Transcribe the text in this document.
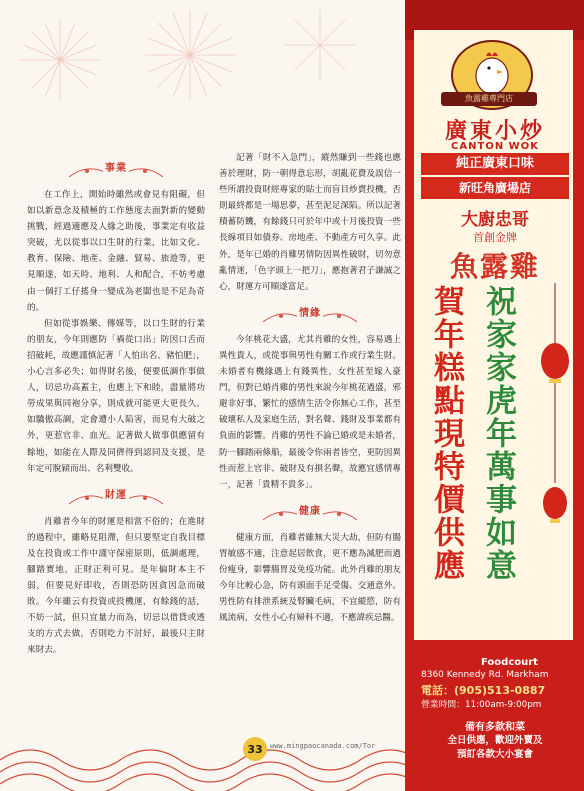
事業

在工作上，開始時雖然或會見有阻礙，但如以新意念及積極的工作態度去面對新的變動挑戰，經過適應及人緣之助後，事業定有收益突破，尤以從事以口生財的行業，比如文化、教育、保險、地產、金融、貿易、旅遊等，更見順遂，如天時、地利、人和配合，不妨考慮由一個打工仔搖身一變成為老闆也是不足為奇的。

但如從事娛樂、傳媒等，以口生財的行業的朋友，今年則應防「禍從口出」防因口舌而招破耗，故應謹慎記著「人怕出名、豬怕肥」，小心言多必失；如得財名後，便要低調作事做人，切忌功高蓋主，也應上下和睦，盡量將功勞成果與同袍分享，則成就可能更大更長久。如驕傲高調，定會遭小人陷害，而見有大破之外，更惹官非、血光。記著做人做事俱應留有餘地，如能在人際及同儕得到認同及支援，是年定可脫穎而出、名利雙收。

財運

肖雞者今年的財運是相當不俗的；在進財的過程中，雖略見阻滯，但只要堅定自我目標及在投資或工作中謹守保密原則，低調處理，腳踏實地，正財正利可見。是年偏財本主不弱，但要見好即收，否則恐防因貪因急而破敗。今年雖云有投資或投機運，有餘錢的話，不妨一試，但只宜量力而為，切忌以借貸或透支的方式去做，否則吃力不討好，最後只主財來財去。

記著「財不入急門」，縱然賺到一些錢也應善於理財，防一朝得意忘形，胡亂花費及誤信一些所謂投資財經專家的貼士而盲目炒賣投機，否則最終都是一場思夢，甚至泥足深陷。所以記著積蓄防饑，有餘錢只可於年中或十月後投資一些長線項目如債券、房地產、不動產方可久享。此外，是年已婚的肖雞男情防因異性破財，切勿意亂情迷，「色字頭上一把刀」，應抱著君子謙誠之心，財運方可順遂富足。

情緣

今年桃花大盛，尤其肖雞的女性，容易遇上異性貴人，或從事與男性有關工作或行業生財。未婚者有機緣遇上有錢異性，女性甚至嫁入豪門，但對已婚肖雞的男性來說今年桃花過盛，邪避非好事，繁忙的感情生活令你無心工作，甚至破壞私人及家庭生活，對名聲、錢財及事業都有負面的影響。肖雞的男性不論已婚或是未婚者，防一腳踏兩條船，最後令你兩者皆空，更防因異性而惹上官非、破財及有損名聲，故應宜感情專一，記著「貴精不貴多」。

健康

健康方面，肖雞者雖無大災大劫，但防有腸胃敏感不適，注意起居飲食，更不應為減肥而過份瘦身，影響腸胃及免疫功能。此外肖雞的朋友今年比較心急，防有頭面手足受傷、交通意外。男性防有排泄系統及腎臟毛病，不宜縱慾，防有風流病，女性小心有婦科不適，不應諱疾忌醫。

33	www.mingpaocanada.com/Tor
魚露雞專門店
廣東小炒
CANTON WOK
純正廣東口味
新旺角廣場店
大廚忠哥
首創金牌
魚露雞
賀年糕點現特價供應 祝家家虎年萬事如意
Foodcourt
8360 Kennedy Rd. Markham
電話：(905)513-0887
營業時間：11:00am-9:00pm
備有多款和菜
全日供應，歡迎外賣及
預訂各款大小宴會
